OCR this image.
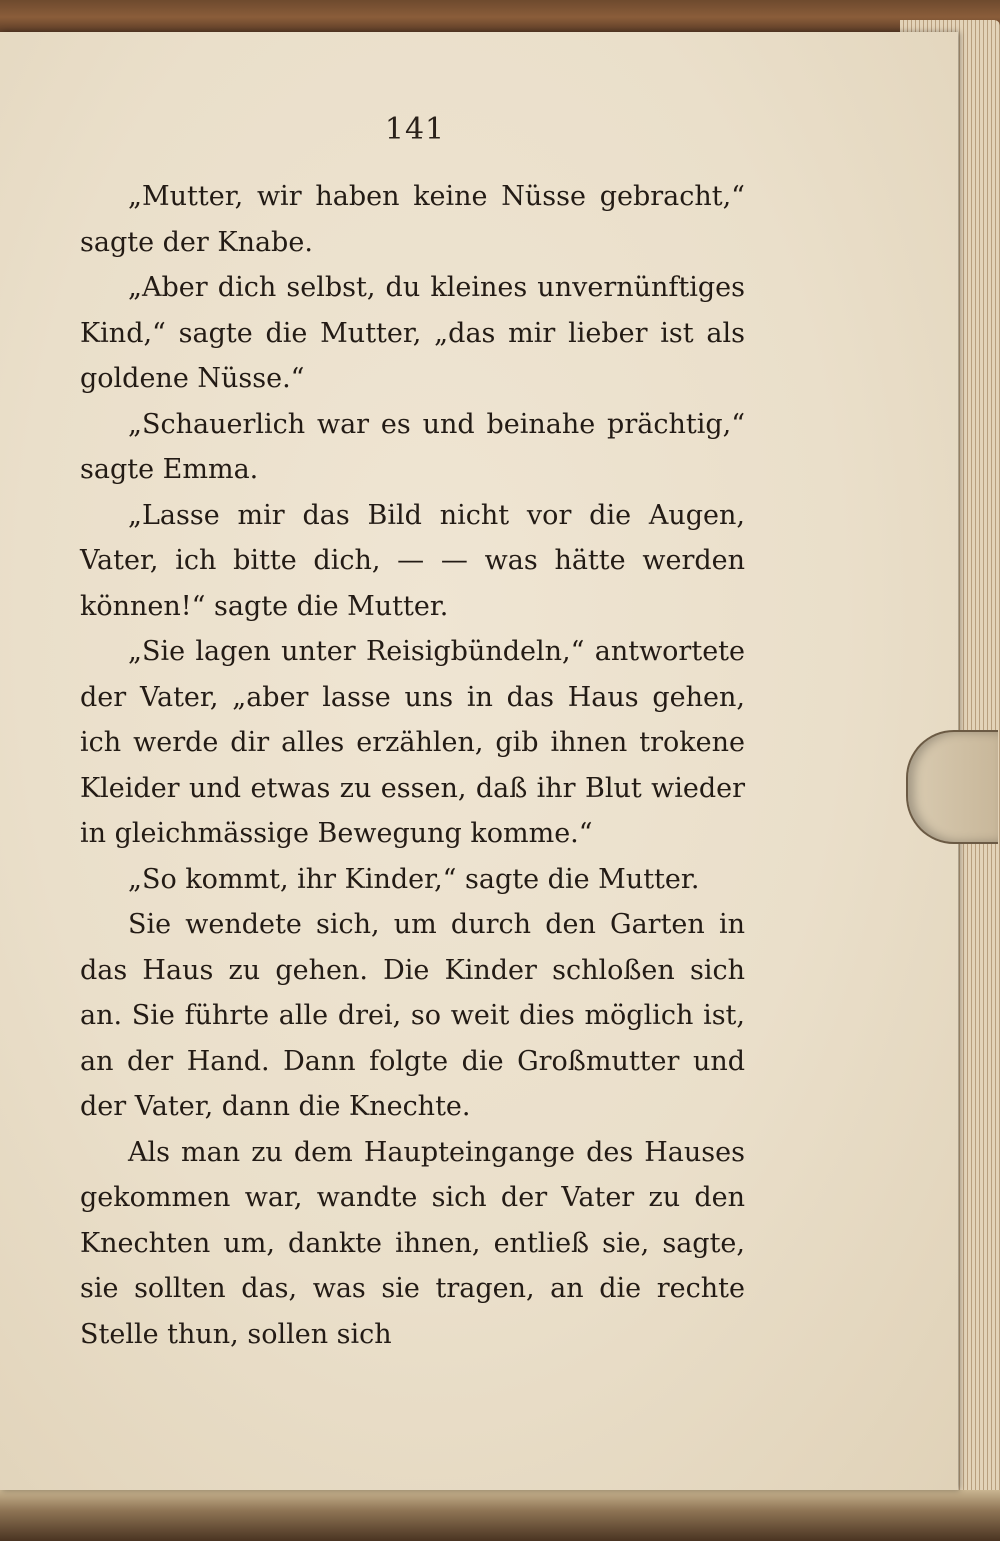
141

„Mutter, wir haben keine Nüsse gebracht,“ sagte der Knabe.

„Aber dich selbst, du kleines unvernünftiges Kind,“ sagte die Mutter, „das mir lieber ist als goldene Nüsse.“

„Schauerlich war es und beinahe prächtig,“ sagte Emma.

„Lasse mir das Bild nicht vor die Augen, Vater, ich bitte dich, — — was hätte werden können!“ sagte die Mutter.

„Sie lagen unter Reisigbündeln,“ antwortete der Vater, „aber lasse uns in das Haus gehen, ich werde dir alles erzählen, gib ihnen trokene Kleider und etwas zu essen, daß ihr Blut wieder in gleichmässige Bewegung komme.“

„So kommt, ihr Kinder,“ sagte die Mutter.

Sie wendete sich, um durch den Garten in das Haus zu gehen. Die Kinder schloßen sich an. Sie führte alle drei, so weit dies möglich ist, an der Hand. Dann folgte die Großmutter und der Vater, dann die Knechte.

Als man zu dem Haupteingange des Hauses gekommen war, wandte sich der Vater zu den Knechten um, dankte ihnen, entließ sie, sagte, sie sollten das, was sie tragen, an die rechte Stelle thun, sollen sich
